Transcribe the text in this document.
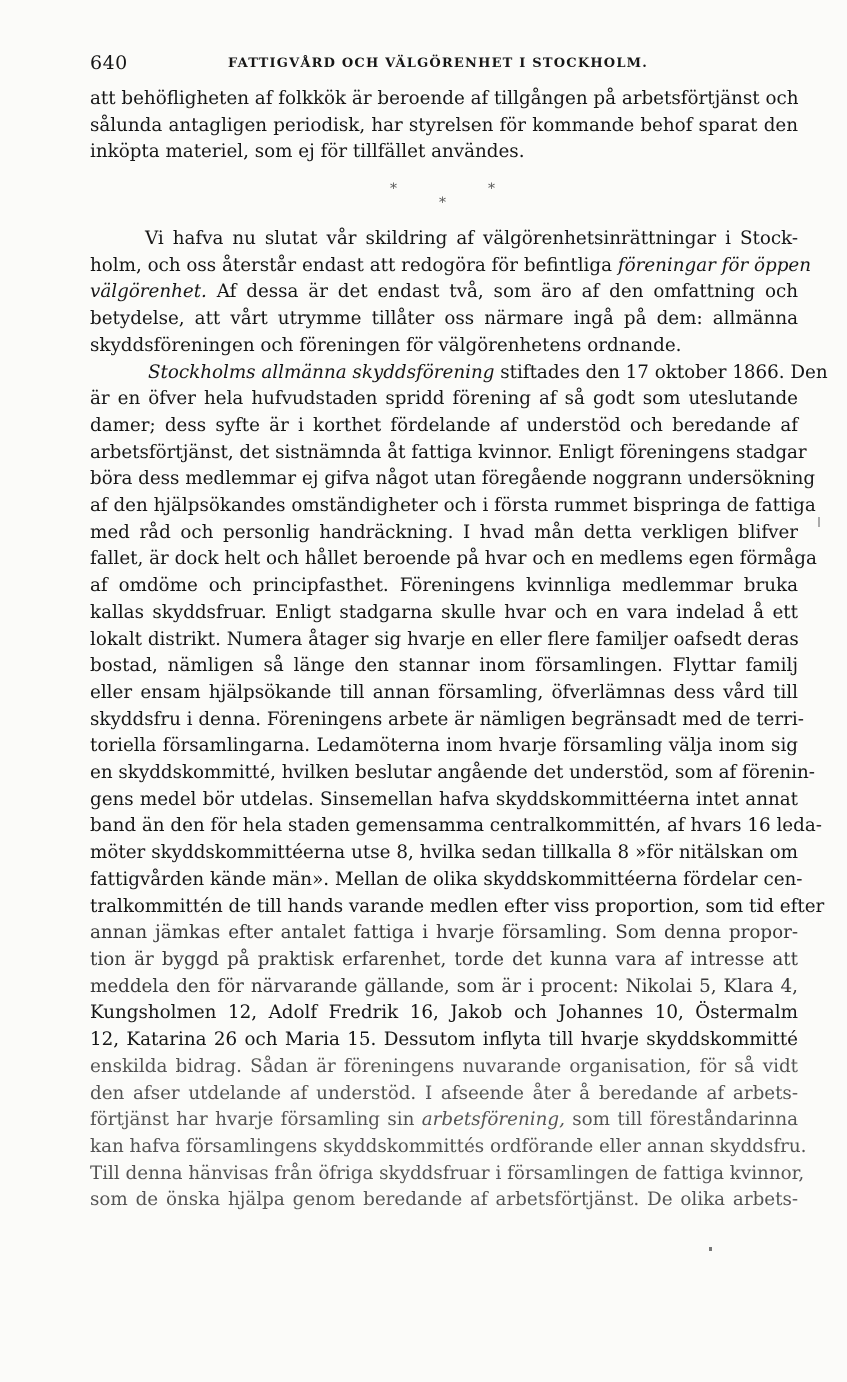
640	FATTIGVÅRD OCH VÄLGÖRENHET I STOCKHOLM.
att behöfligheten af folkkök är beroende af tillgången på arbetsförtjänst och
sålunda antagligen periodisk, har styrelsen för kommande behof sparat den
inköpta materiel, som ej för tillfället användes.
*	*
*
Vi hafva nu slutat vår skildring af välgörenhetsinrättningar i Stock-
holm, och oss återstår endast att redogöra för befintliga föreningar för öppen
välgörenhet. Af dessa är det endast två, som äro af den omfattning och
betydelse, att vårt utrymme tillåter oss närmare ingå på dem: allmänna
skyddsföreningen och föreningen för välgörenhetens ordnande.
Stockholms allmänna skyddsförening stiftades den 17 oktober 1866. Den
är en öfver hela hufvudstaden spridd förening af så godt som uteslutande
damer; dess syfte är i korthet fördelande af understöd och beredande af
arbetsförtjänst, det sistnämnda åt fattiga kvinnor. Enligt föreningens stadgar
böra dess medlemmar ej gifva något utan föregående noggrann undersökning
af den hjälpsökandes omständigheter och i första rummet bispringa de fattiga
med råd och personlig handräckning. I hvad mån detta verkligen blifver
fallet, är dock helt och hållet beroende på hvar och en medlems egen förmåga
af omdöme och principfasthet. Föreningens kvinnliga medlemmar bruka
kallas skyddsfruar. Enligt stadgarna skulle hvar och en vara indelad å ett
lokalt distrikt. Numera åtager sig hvarje en eller flere familjer oafsedt deras
bostad, nämligen så länge den stannar inom församlingen. Flyttar familj
eller ensam hjälpsökande till annan församling, öfverlämnas dess vård till
skyddsfru i denna. Föreningens arbete är nämligen begränsadt med de terri-
toriella församlingarna. Ledamöterna inom hvarje församling välja inom sig
en skyddskommitté, hvilken beslutar angående det understöd, som af förenin-
gens medel bör utdelas. Sinsemellan hafva skyddskommittéerna intet annat
band än den för hela staden gemensamma centralkommittén, af hvars 16 leda-
möter skyddskommittéerna utse 8, hvilka sedan tillkalla 8 »för nitälskan om
fattigvården kände män». Mellan de olika skyddskommittéerna fördelar cen-
tralkommittén de till hands varande medlen efter viss proportion, som tid efter
annan jämkas efter antalet fattiga i hvarje församling. Som denna propor-
tion är byggd på praktisk erfarenhet, torde det kunna vara af intresse att
meddela den för närvarande gällande, som är i procent: Nikolai 5, Klara 4,
Kungsholmen 12, Adolf Fredrik 16, Jakob och Johannes 10, Östermalm
12, Katarina 26 och Maria 15. Dessutom inflyta till hvarje skyddskommitté
enskilda bidrag. Sådan är föreningens nuvarande organisation, för så vidt
den afser utdelande af understöd. I afseende åter å beredande af arbets-
förtjänst har hvarje församling sin arbetsförening, som till föreståndarinna
kan hafva församlingens skyddskommittés ordförande eller annan skyddsfru.
Till denna hänvisas från öfriga skyddsfruar i församlingen de fattiga kvinnor,
som de önska hjälpa genom beredande af arbetsförtjänst. De olika arbets-
